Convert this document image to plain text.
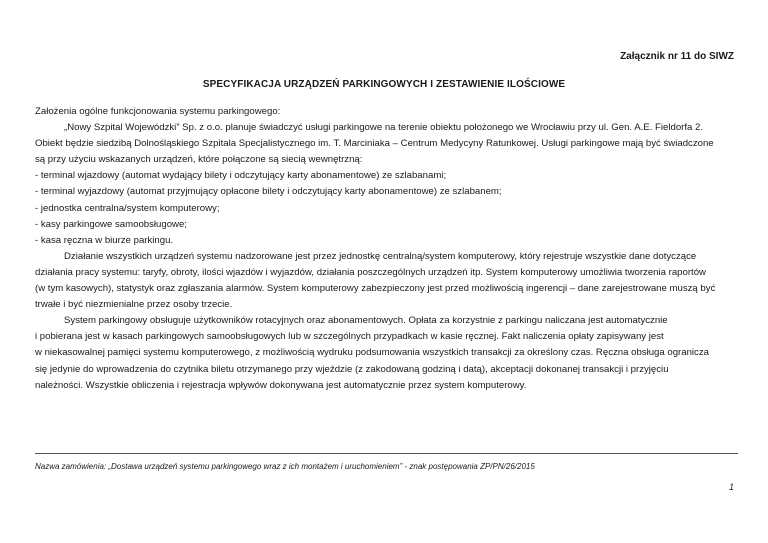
Załącznik nr 11 do SIWZ
SPECYFIKACJA URZĄDZEŃ PARKINGOWYCH I ZESTAWIENIE ILOŚCIOWE

Założenia ogólne funkcjonowania systemu parkingowego:

„Nowy Szpital Wojewódzki” Sp. z o.o. planuje świadczyć usługi parkingowe na terenie obiektu położonego we Wrocławiu przy ul. Gen. A.E. Fieldorfa 2.

Obiekt będzie siedzibą Dolnośląskiego Szpitala Specjalistycznego im. T. Marciniaka – Centrum Medycyny Ratunkowej. Usługi parkingowe mają być świadczone

są przy użyciu wskazanych urządzeń, które połączone są siecią wewnętrzną:

- terminal wjazdowy (automat wydający bilety i odczytujący karty abonamentowe) ze szlabanami;

- terminal wyjazdowy (automat przyjmujący opłacone bilety i odczytujący karty abonamentowe) ze szlabanem;

- jednostka centralna/system komputerowy;

- kasy parkingowe samoobsługowe;

- kasa ręczna w biurze parkingu.

Działanie wszystkich urządzeń systemu nadzorowane jest przez jednostkę centralną/system komputerowy, który rejestruje wszystkie dane dotyczące

działania pracy systemu: taryfy, obroty, ilości wjazdów i wyjazdów, działania poszczególnych urządzeń itp. System komputerowy umożliwia tworzenia raportów

(w tym kasowych), statystyk oraz zgłaszania alarmów. System komputerowy zabezpieczony jest przed możliwością ingerencji – dane zarejestrowane muszą być

trwałe i być niezmienialne przez osoby trzecie.

System parkingowy obsługuje użytkowników rotacyjnych oraz abonamentowych. Opłata za korzystnie z parkingu naliczana jest automatycznie

i pobierana jest w kasach parkingowych samoobsługowych lub w szczególnych przypadkach w kasie ręcznej. Fakt naliczenia opłaty zapisywany jest

w niekasowalnej pamięci systemu komputerowego, z możliwością wydruku podsumowania wszystkich transakcji za określony czas. Ręczna obsługa ogranicza

się jedynie do wprowadzenia do czytnika biletu otrzymanego przy wjeździe (z zakodowaną godziną i datą), akceptacji dokonanej transakcji i przyjęciu

należności. Wszystkie obliczenia i rejestracja wpływów dokonywana jest automatycznie przez system komputerowy.

Nazwa zamówienia: „Dostawa urządzeń systemu parkingowego wraz z ich montażem i uruchomieniem” - znak postępowania ZP/PN/26/2015
1
